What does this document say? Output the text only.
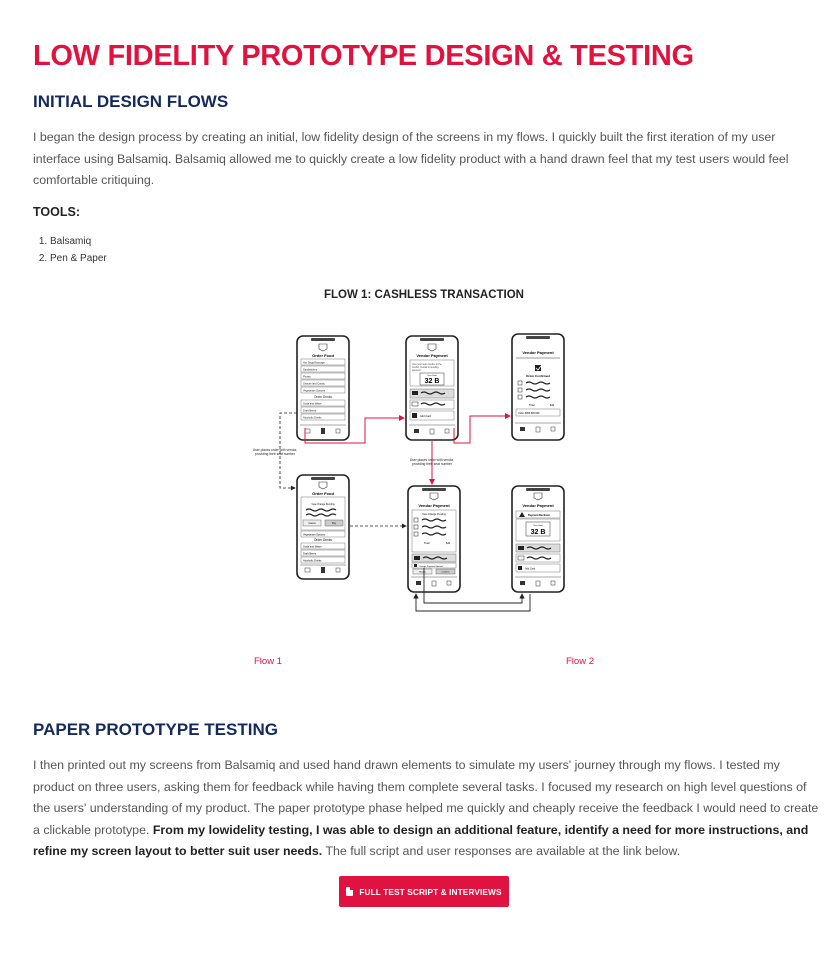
LOW FIDELITY PROTOTYPE DESIGN & TESTING
INITIAL DESIGN FLOWS

I began the design process by creating an initial, low fidelity design of the screens in my flows. I quickly built the first iteration of my user interface using Balsamiq. Balsamiq allowed me to quickly create a low fidelity product with a hand drawn feel that my test users would feel comfortable critiquing.

TOOLS:
1. Balsamiq
2. Pen & Paper
FLOW 1: CASHLESS TRANSACTION
Order Food
Hot Dogs/Sausage
Sandwiches
Pizzas
Snacks and Candy
Vegetarian Options
Order Drinks
Soda and Water
Draft Beers
Alcoholic Drinks
Vendor Payment
Give your seat number to the
vendor. Vendor is sending
payment.
Your Seat
32 B
Add Card
Vendor Payment
Order Confirmed
Total	$44
Order #### ### ###
Order Food
View Orange Pending
Cancel	Pay
Vegetarian Options
Order Drinks
Soda and Water
Draft Beers
Alcoholic Drinks
Vendor Payment
View Change Pending
Total	$44
Change Payment Method
Modify	Confirm
Vendor Payment
Payment Declined
Your Seat
32 B
Add Card
User places order with vendor,
providing their seat number
User places order with vendor,
providing their seat number
Flow 1	Flow 2
PAPER PROTOTYPE TESTING

I then printed out my screens from Balsamiq and used hand drawn elements to simulate my users' journey through my flows. I tested my product on three users, asking them for feedback while having them complete several tasks. I focused my research on high level questions of the users' understanding of my product. The paper prototype phase helped me quickly and cheaply receive the feedback I would need to create a clickable prototype. From my lowidelity testing, I was able to design an additional feature, identify a need for more instructions, and refine my screen layout to better suit user needs. The full script and user responses are available at the link below.

FULL TEST SCRIPT & INTERVIEWS
